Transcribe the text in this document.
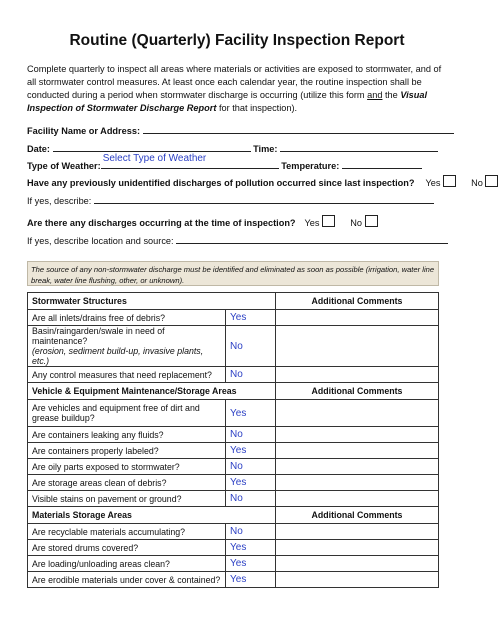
Routine (Quarterly) Facility Inspection Report
Complete quarterly to inspect all areas where materials or activities are exposed to stormwater, and of all stormwater control measures. At least once each calendar year, the routine inspection shall be conducted during a period when stormwater discharge is occurring (utilize this form and the Visual Inspection of Stormwater Discharge Report for that inspection).
Facility Name or Address:
Date:	Time:
Type of Weather:
Select Type of Weather
Temperature:
Have any previously unidentified discharges of pollution occurred since last inspection? Yes	No
If yes, describe:
Are there any discharges occurring at the time of inspection? Yes	No
If yes, describe location and source:
The source of any non-stormwater discharge must be identified and eliminated as soon as possible (irrigation, water line break, water line flushing, other, or unknown).
Stormwater Structures		Additional Comments
Are all inlets/drains free of debris?	Yes	
Basin/raingarden/swale in need of maintenance?
(erosion, sediment build-up, invasive plants, etc.)	No	
Any control measures that need replacement?	No	
Vehicle & Equipment Maintenance/Storage Areas		Additional Comments
Are vehicles and equipment free of dirt and grease buildup?	Yes	
Are containers leaking any fluids?	No	
Are containers properly labeled?	Yes	
Are oily parts exposed to stormwater?	No	
Are storage areas clean of debris?	Yes	
Visible stains on pavement or ground?	No	
Materials Storage Areas		Additional Comments
Are recyclable materials accumulating?	No	
Are stored drums covered?	Yes	
Are loading/unloading areas clean?	Yes	
Are erodible materials under cover & contained?	Yes	
